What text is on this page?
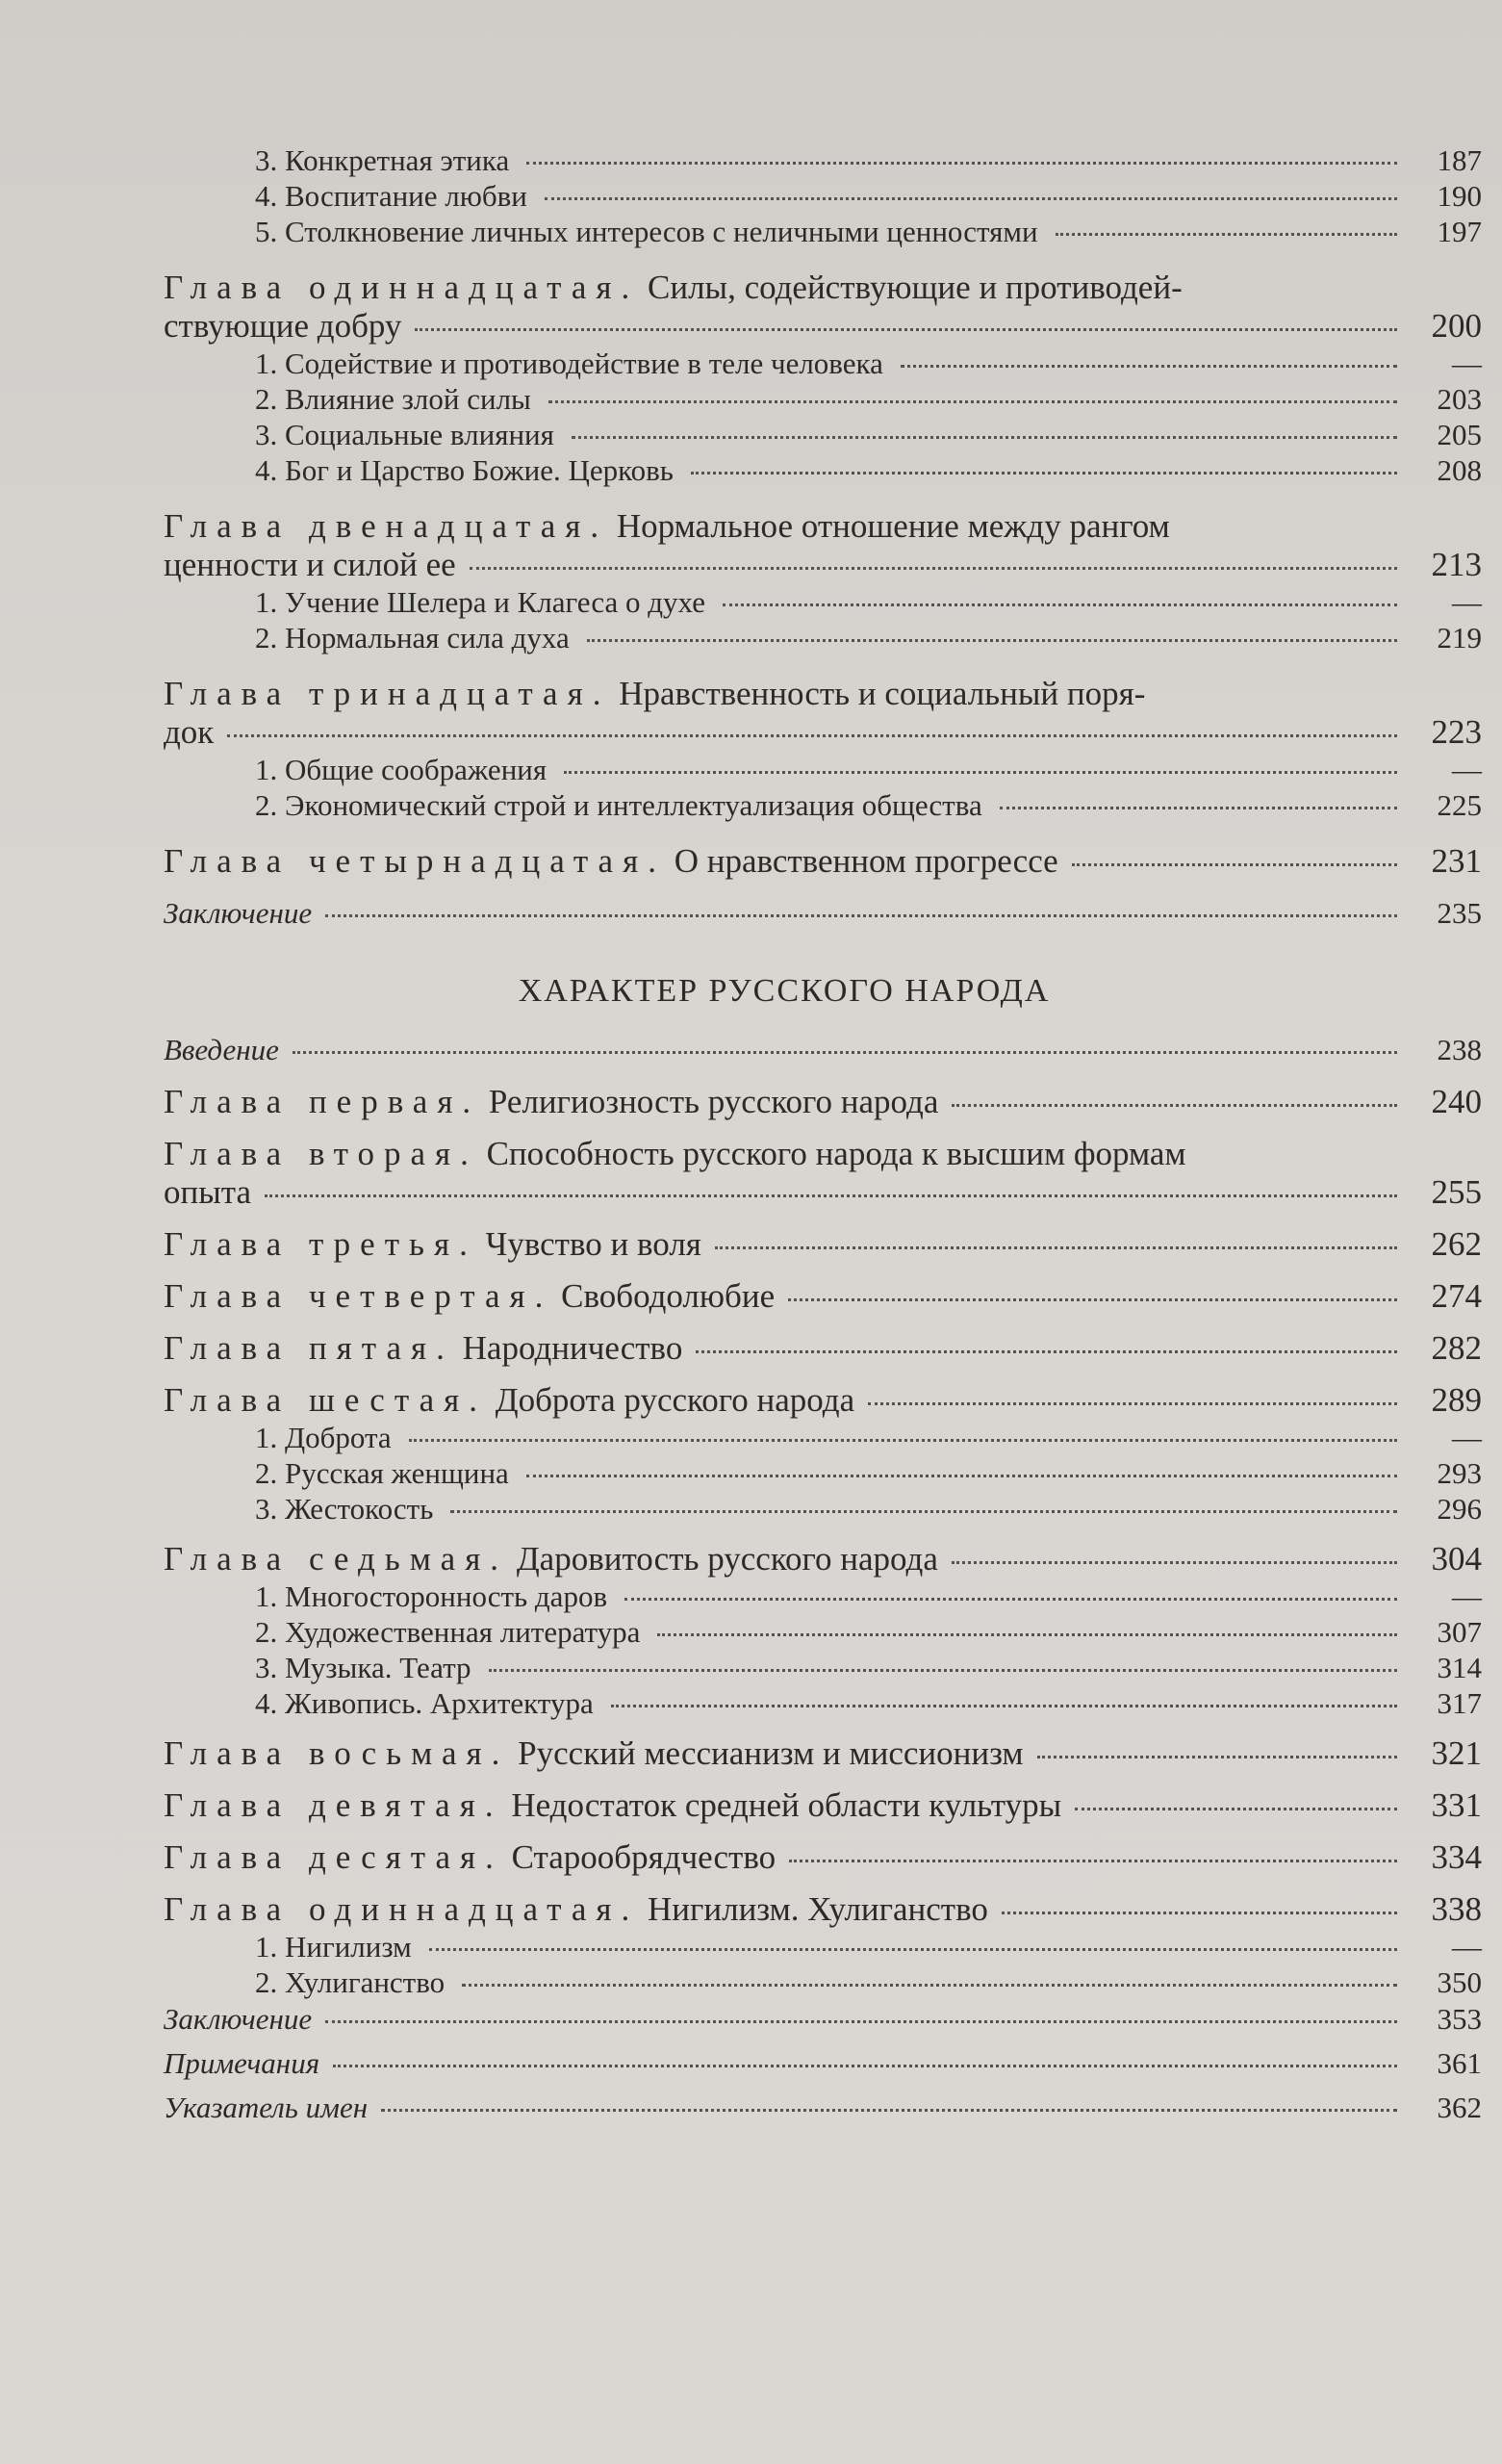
3. Конкретная этика	187
4. Воспитание любви	190
5. Столкновение личных интересов с неличными ценностями	197
Глава одиннадцатая. Силы, содействующие и противодей-
ствующие добру	200
1. Содействие и противодействие в теле человека	—
2. Влияние злой силы	203
3. Социальные влияния	205
4. Бог и Царство Божие. Церковь	208
Глава двенадцатая. Нормальное отношение между рангом
ценности и силой ее	213
1. Учение Шелера и Клагеса о духе	—
2. Нормальная сила духа	219
Глава тринадцатая. Нравственность и социальный поря-
док	223
1. Общие соображения	—
2. Экономический строй и интеллектуализация общества	225
Глава четырнадцатая. О нравственном прогрессе	231
Заключение	235
ХАРАКТЕР РУССКОГО НАРОДА
Введение	238
Глава первая. Религиозность русского народа	240
Глава вторая. Способность русского народа к высшим формам
опыта	255
Глава третья. Чувство и воля	262
Глава четвертая. Свободолюбие	274
Глава пятая. Народничество	282
Глава шестая. Доброта русского народа	289
1. Доброта	—
2. Русская женщина	293
3. Жестокость	296
Глава седьмая. Даровитость русского народа	304
1. Многосторонность даров	—
2. Художественная литература	307
3. Музыка. Театр	314
4. Живопись. Архитектура	317
Глава восьмая. Русский мессианизм и миссионизм	321
Глава девятая. Недостаток средней области культуры	331
Глава десятая. Старообрядчество	334
Глава одиннадцатая. Нигилизм. Хулиганство	338
1. Нигилизм	—
2. Хулиганство	350
Заключение	353
Примечания	361
Указатель имен	362
